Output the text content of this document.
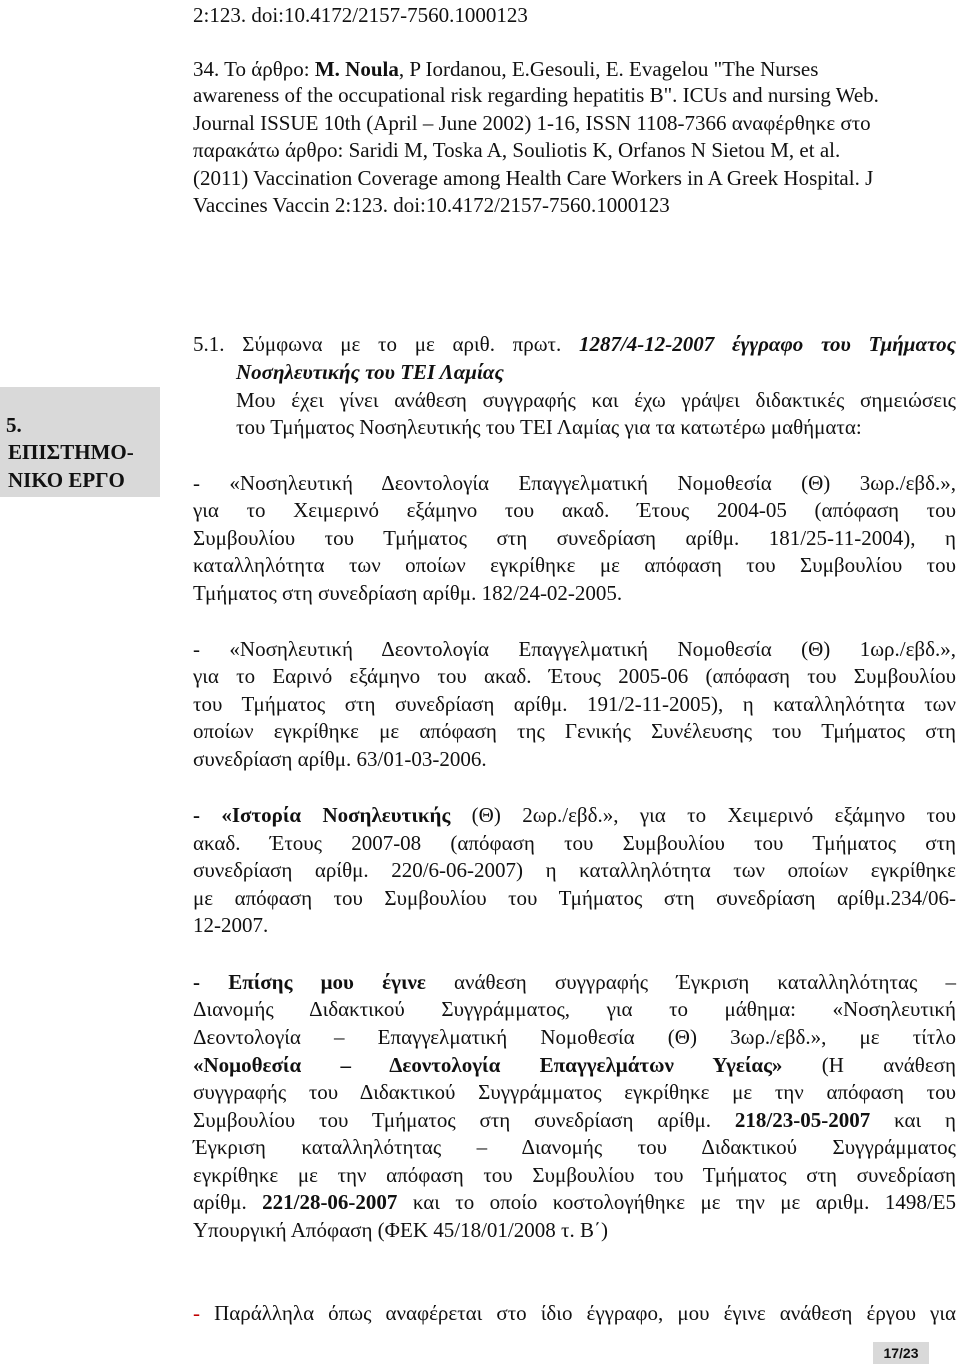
2:123. doi:10.4172/2157-7560.1000123
34. Το άρθρο: M. Noula, P Iordanou, E.Gesouli, E. Evagelou "The Nurses
awareness of the occupational risk regarding hepatitis B". ICUs and nursing Web.
Journal ISSUE 10th (April – June 2002) 1-16, ISSN 1108-7366 αναφέρθηκε στο
παρακάτω άρθρο: Saridi M, Toska A, Souliotis K, Orfanos N Sietou M, et al.
(2011) Vaccination Coverage among Health Care Workers in A Greek Hospital. J
Vaccines Vaccin 2:123. doi:10.4172/2157-7560.1000123
5.
ΕΠΙΣΤΗΜΟ-
ΝΙΚΟ ΕΡΓΟ
5.1. Σύμφωνα με το με αριθ. πρωτ. 1287/4-12-2007 έγγραφο του Τμήματος
Νοσηλευτικής του ΤΕΙ Λαμίας
Μου έχει γίνει ανάθεση συγγραφής και έχω γράψει διδακτικές σημειώσεις
του Τμήματος Νοσηλευτικής του ΤΕΙ Λαμίας για τα κατωτέρω μαθήματα:
- «Νοσηλευτική Δεοντολογία Επαγγελματική Νομοθεσία (Θ) 3ωρ./εβδ.»,
για το Χειμερινό εξάμηνο του ακαδ. Έτους 2004-05 (απόφαση του
Συμβουλίου του Τμήματος στη συνεδρίαση αρίθμ. 181/25-11-2004), η
καταλληλότητα των οποίων εγκρίθηκε με απόφαση του Συμβουλίου του
Τμήματος στη συνεδρίαση αρίθμ. 182/24-02-2005.
- «Νοσηλευτική Δεοντολογία Επαγγελματική Νομοθεσία (Θ) 1ωρ./εβδ.»,
για το Εαρινό εξάμηνο του ακαδ. Έτους 2005-06 (απόφαση του Συμβουλίου
του Τμήματος στη συνεδρίαση αρίθμ. 191/2-11-2005), η καταλληλότητα των
οποίων εγκρίθηκε με απόφαση της Γενικής Συνέλευσης του Τμήματος στη
συνεδρίαση αρίθμ. 63/01-03-2006.
- «Ιστορία Νοσηλευτικής (Θ) 2ωρ./εβδ.», για το Χειμερινό εξάμηνο του
ακαδ. Έτους 2007-08 (απόφαση του Συμβουλίου του Τμήματος στη
συνεδρίαση αρίθμ. 220/6-06-2007) η καταλληλότητα των οποίων εγκρίθηκε
με απόφαση του Συμβουλίου του Τμήματος στη συνεδρίαση αρίθμ.234/06-
12-2007.
- Επίσης μου έγινε ανάθεση συγγραφής Έγκριση καταλληλότητας –
Διανομής Διδακτικού Συγγράμματος, για το μάθημα: «Νοσηλευτική
Δεοντολογία – Επαγγελματική Νομοθεσία (Θ) 3ωρ./εβδ.», με τίτλο
«Νομοθεσία – Δεοντολογία Επαγγελμάτων Υγείας» (Η ανάθεση
συγγραφής του Διδακτικού Συγγράμματος εγκρίθηκε με την απόφαση του
Συμβουλίου του Τμήματος στη συνεδρίαση αρίθμ. 218/23-05-2007 και η
Έγκριση καταλληλότητας – Διανομής του Διδακτικού Συγγράμματος
εγκρίθηκε με την απόφαση του Συμβουλίου του Τμήματος στη συνεδρίαση
αρίθμ. 221/28-06-2007 και το οποίο κοστολογήθηκε με την με αριθμ. 1498/Ε5
Υπουργική Απόφαση (ΦΕΚ 45/18/01/2008 τ. Β΄)
- Παράλληλα όπως αναφέρεται στο ίδιο έγγραφο, μου έγινε ανάθεση έργου για
17/23
